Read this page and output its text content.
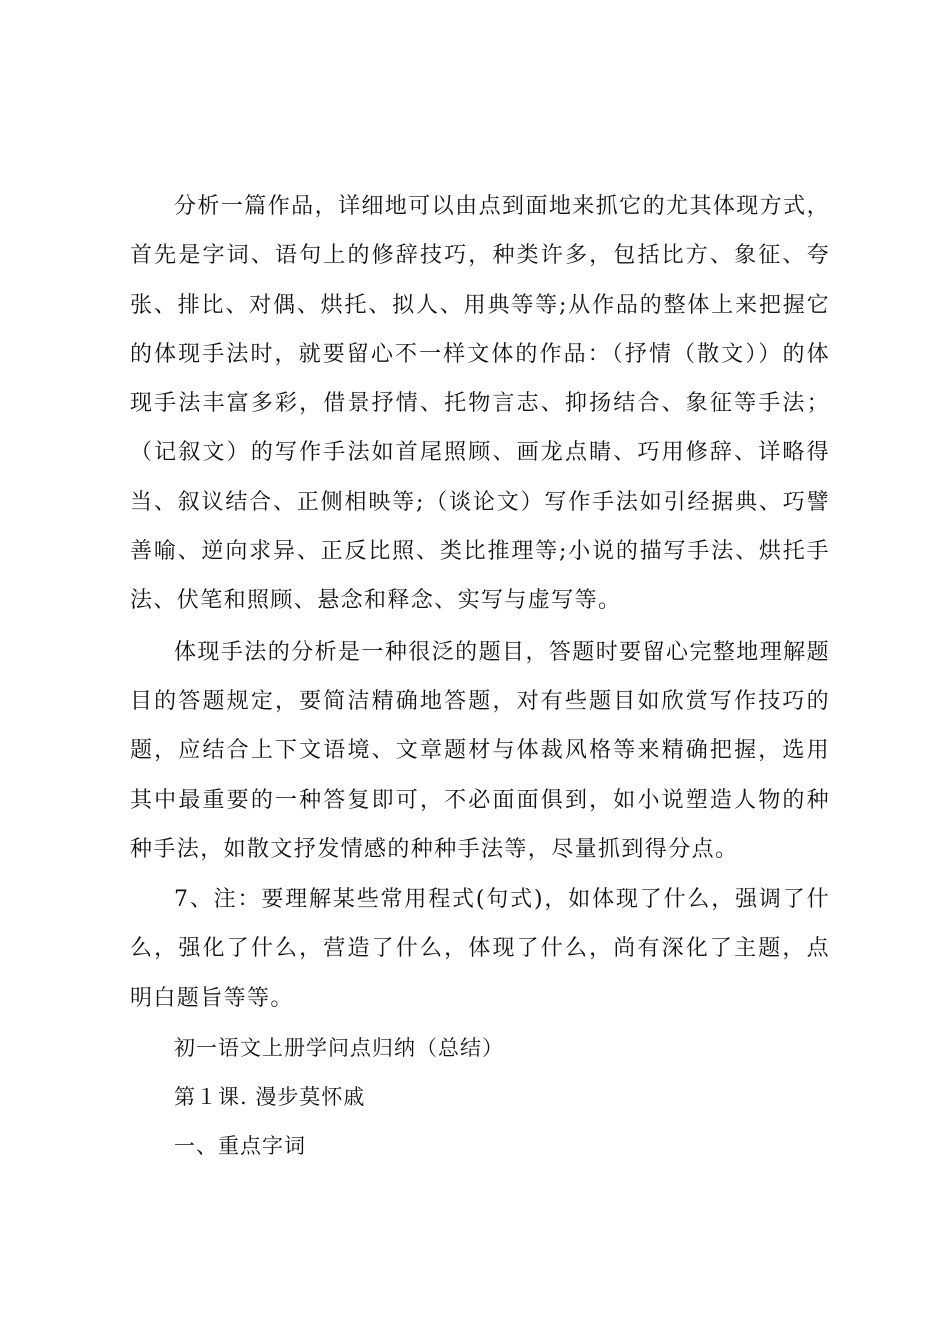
分析一篇作品，详细地可以由点到面地来抓它的尤其体现方式，首先是字词、语句上的修辞技巧，种类许多，包括比方、象征、夸张、排比、对偶、烘托、拟人、用典等等;从作品的整体上来把握它的体现手法时，就要留心不一样文体的作品：（抒情（散文））的体现手法丰富多彩，借景抒情、托物言志、抑扬结合、象征等手法；（记叙文）的写作手法如首尾照顾、画龙点睛、巧用修辞、详略得当、叙议结合、正侧相映等;（谈论文）写作手法如引经据典、巧譬善喻、逆向求异、正反比照、类比推理等;小说的描写手法、烘托手法、伏笔和照顾、悬念和释念、实写与虚写等。

体现手法的分析是一种很泛的题目，答题时要留心完整地理解题目的答题规定，要简洁精确地答题，对有些题目如欣赏写作技巧的题，应结合上下文语境、文章题材与体裁风格等来精确把握，选用其中最重要的一种答复即可，不必面面俱到，如小说塑造人物的种种手法，如散文抒发情感的种种手法等，尽量抓到得分点。

7、注：要理解某些常用程式(句式)，如体现了什么，强调了什么，强化了什么，营造了什么，体现了什么，尚有深化了主题，点明白题旨等等。

初一语文上册学问点归纳（总结）

第１课. 漫步莫怀戚

一、重点字词
